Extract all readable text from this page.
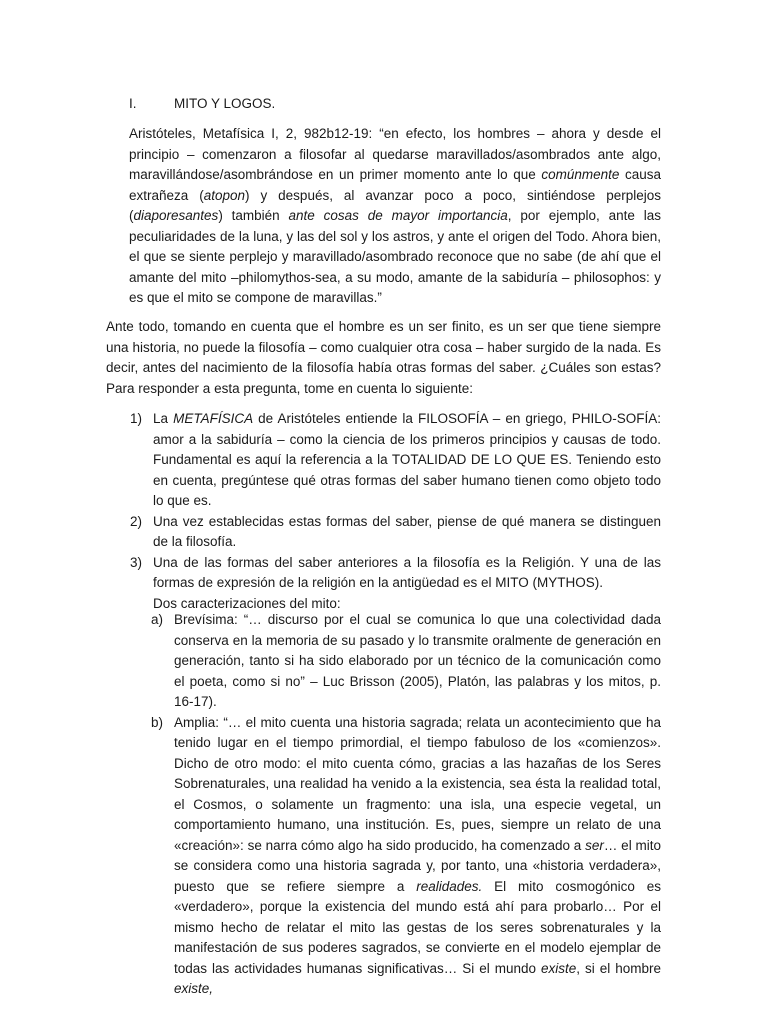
I.	MITO Y LOGOS.

Aristóteles, Metafísica I, 2, 982b12-19: “en efecto, los hombres – ahora y desde el principio – comenzaron a filosofar al quedarse maravillados/asombrados ante algo, maravillándose/asombrándose en un primer momento ante lo que comúnmente causa extrañeza (atopon) y después, al avanzar poco a poco, sintiéndose perplejos (diaporesantes) también ante cosas de mayor importancia, por ejemplo, ante las peculiaridades de la luna, y las del sol y los astros, y ante el origen del Todo. Ahora bien, el que se siente perplejo y maravillado/asombrado reconoce que no sabe (de ahí que el amante del mito –philomythos-sea, a su modo, amante de la sabiduría – philosophos: y es que el mito se compone de maravillas.”

Ante todo, tomando en cuenta que el hombre es un ser finito, es un ser que tiene siempre una historia, no puede la filosofía – como cualquier otra cosa – haber surgido de la nada. Es decir, antes del nacimiento de la filosofía había otras formas del saber. ¿Cuáles son estas? Para responder a esta pregunta, tome en cuenta lo siguiente:

1) La METAFÍSICA de Aristóteles entiende la FILOSOFÍA – en griego, PHILO-SOFÍA: amor a la sabiduría – como la ciencia de los primeros principios y causas de todo. Fundamental es aquí la referencia a la TOTALIDAD DE LO QUE ES. Teniendo esto en cuenta, pregúntese qué otras formas del saber humano tienen como objeto todo lo que es.

2) Una vez establecidas estas formas del saber, piense de qué manera se distinguen de la filosofía.

3) Una de las formas del saber anteriores a la filosofía es la Religión. Y una de las formas de expresión de la religión en la antigüedad es el MITO (MYTHOS).

Dos caracterizaciones del mito:

a) Brevísima: “… discurso por el cual se comunica lo que una colectividad dada conserva en la memoria de su pasado y lo transmite oralmente de generación en generación, tanto si ha sido elaborado por un técnico de la comunicación como el poeta, como si no” – Luc Brisson (2005), Platón, las palabras y los mitos, p. 16-17).

b) Amplia: “… el mito cuenta una historia sagrada; relata un acontecimiento que ha tenido lugar en el tiempo primordial, el tiempo fabuloso de los «comienzos». Dicho de otro modo: el mito cuenta cómo, gracias a las hazañas de los Seres Sobrenaturales, una realidad ha venido a la existencia, sea ésta la realidad total, el Cosmos, o solamente un fragmento: una isla, una especie vegetal, un comportamiento humano, una institución. Es, pues, siempre un relato de una «creación»: se narra cómo algo ha sido producido, ha comenzado a ser… el mito se considera como una historia sagrada y, por tanto, una «historia verdadera», puesto que se refiere siempre a realidades. El mito cosmogónico es «verdadero», porque la existencia del mundo está ahí para probarlo… Por el mismo hecho de relatar el mito las gestas de los seres sobrenaturales y la manifestación de sus poderes sagrados, se convierte en el modelo ejemplar de todas las actividades humanas significativas… Si el mundo existe, si el hombre existe,
